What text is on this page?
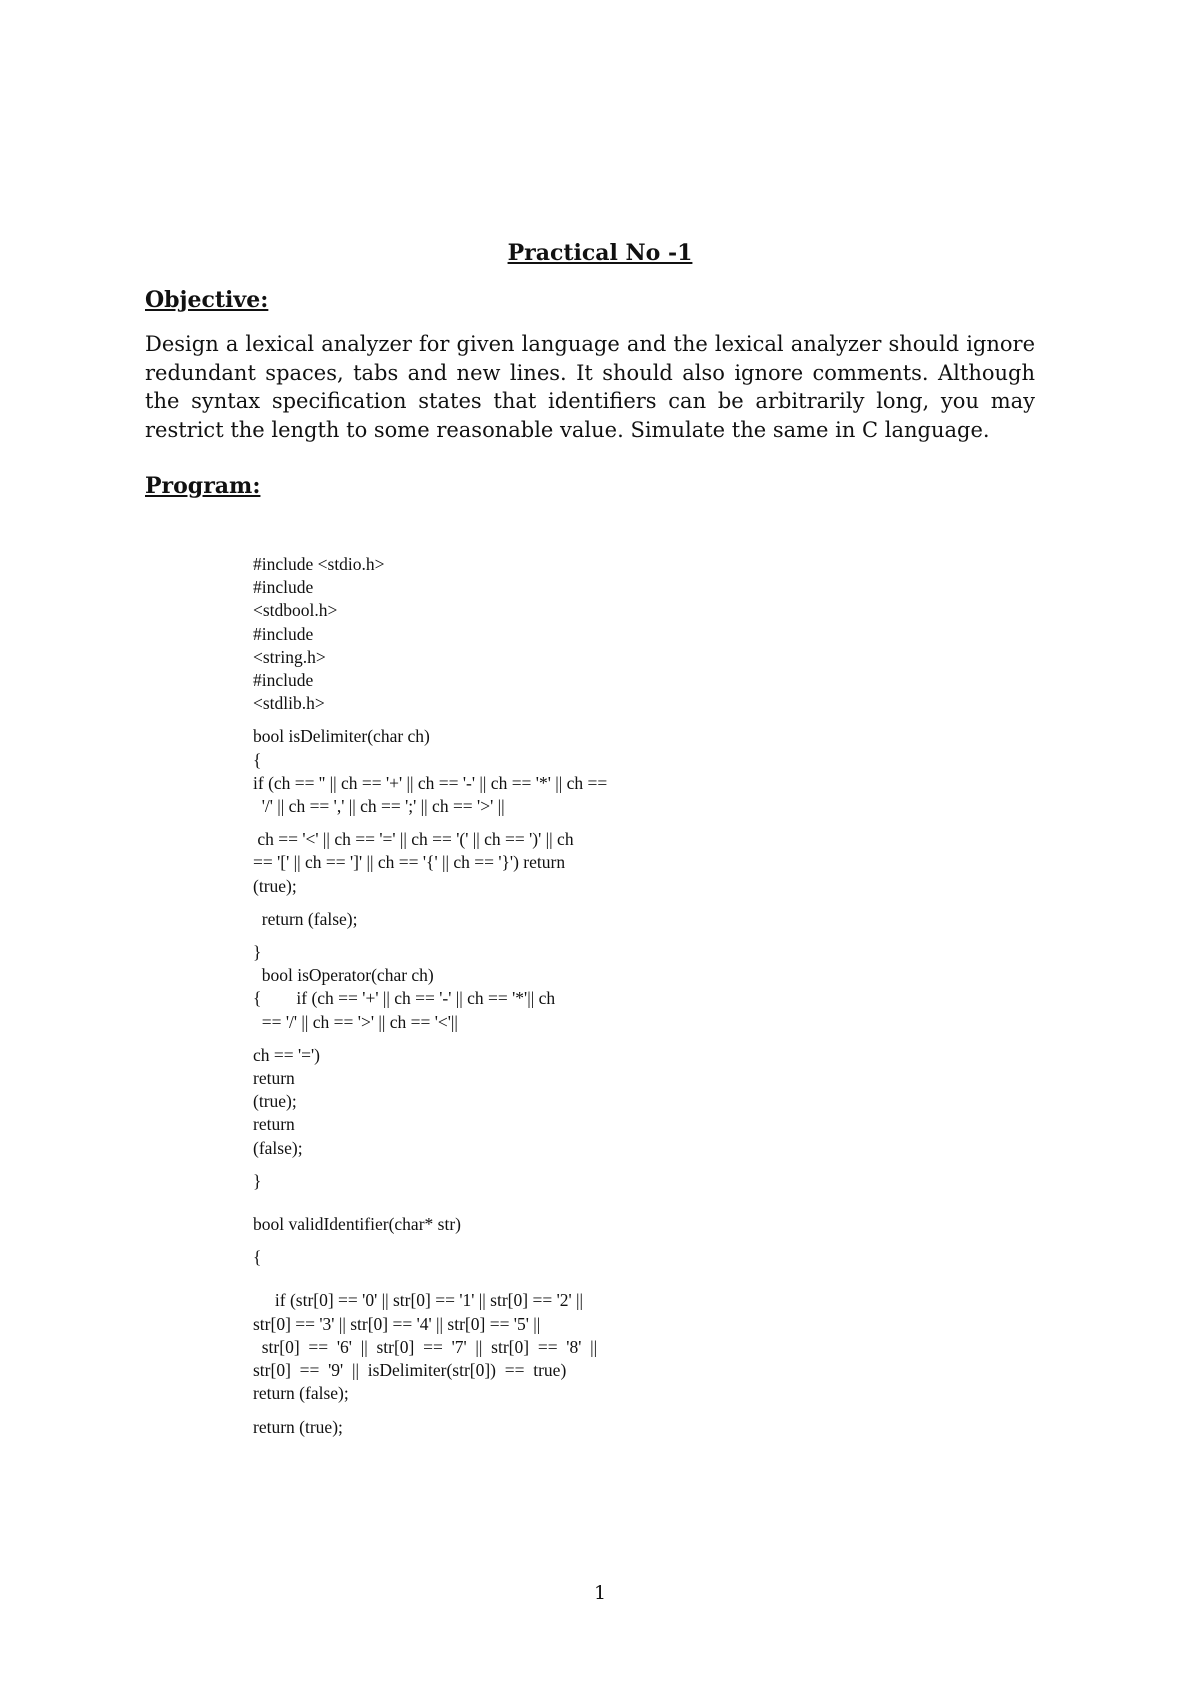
Practical No -1
Objective:
Design a lexical analyzer for given language and the lexical analyzer should ignore redundant spaces, tabs and new lines. It should also ignore comments. Although the syntax specification states that identifiers can be arbitrarily long, you may restrict the length to some reasonable value. Simulate the same in C language.
Program:
#include <stdio.h>
#include
<stdbool.h>
#include
<string.h>
#include
<stdlib.h>
bool isDelimiter(char ch)
{
if (ch == '' || ch == '+' || ch == '-' || ch == '*' || ch ==
'/' || ch == ',' || ch == ';' || ch == '>' ||
ch == '<' || ch == '=' || ch == '(' || ch == ')' || ch
== '[' || ch == ']' || ch == '{' || ch == '}') return
(true);
return (false);
}
bool isOperator(char ch)
{        if (ch == '+' || ch == '-' || ch == '*'|| ch
== '/' || ch == '>' || ch == '<'||
ch == '=')
return
(true);
return
(false);
}
bool validIdentifier(char* str)
{
if (str[0] == '0' || str[0] == '1' || str[0] == '2' ||
str[0] == '3' || str[0] == '4' || str[0] == '5' ||
str[0]  ==  '6'  ||  str[0]  ==  '7'  ||  str[0]  ==  '8'  ||
str[0]  ==  '9'  ||  isDelimiter(str[0])  ==  true)
return (false);
return (true);
1
